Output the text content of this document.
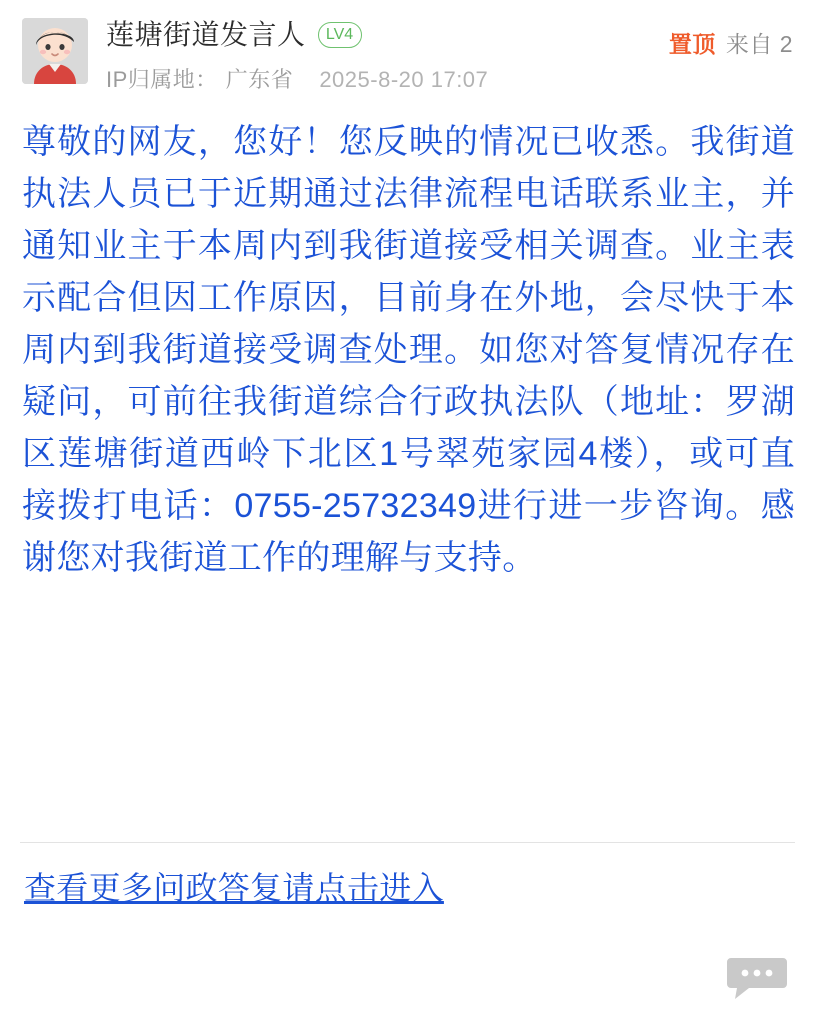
莲塘街道发言人	LV4
IP归属地： 广东省 2025-8-20 17:07
置顶 来自 2
尊敬的网友，您好！您反映的情况已收悉。我街道执法人员已于近期通过法律流程电话联系业主，并通知业主于本周内到我街道接受相关调查。业主表示配合但因工作原因，目前身在外地，会尽快于本周内到我街道接受调查处理。如您对答复情况存在疑问，可前往我街道综合行政执法队（地址：罗湖区莲塘街道西岭下北区1号翠苑家园4楼），或可直接拨打电话：0755-25732349进行进一步咨询。感谢您对我街道工作的理解与支持。
查看更多问政答复请点击进入
